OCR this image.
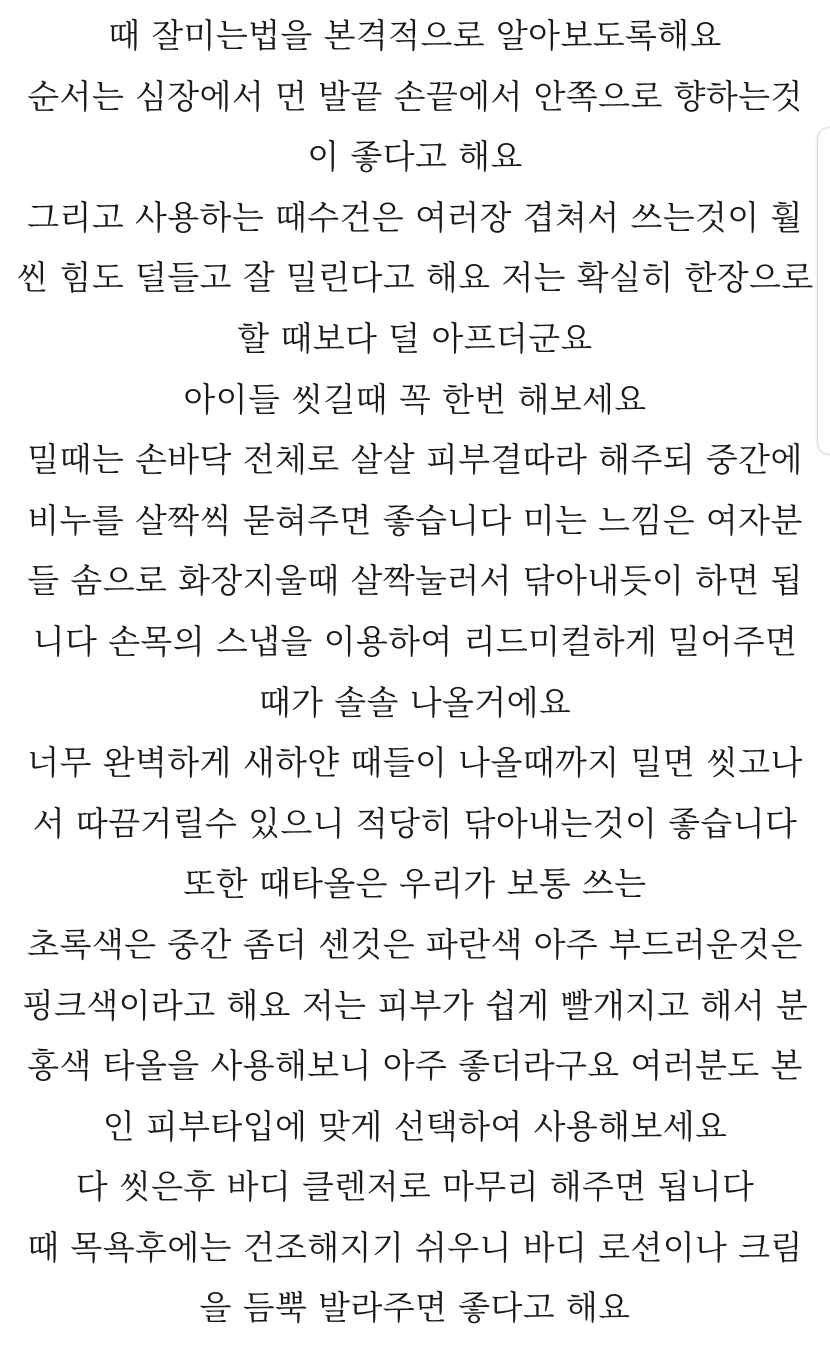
때 잘미는법을 본격적으로 알아보도록해요
순서는 심장에서 먼 발끝 손끝에서 안쪽으로 향하는것
이 좋다고 해요
그리고 사용하는 때수건은 여러장 겹쳐서 쓰는것이 훨
씬 힘도 덜들고 잘 밀린다고 해요 저는 확실히 한장으로
할 때보다 덜 아프더군요
아이들 씻길때 꼭 한번 해보세요
밀때는 손바닥 전체로 살살 피부결따라 해주되 중간에
비누를 살짝씩 묻혀주면 좋습니다 미는 느낌은 여자분
들 솜으로 화장지울때 살짝눌러서 닦아내듯이 하면 됩
니다 손목의 스냅을 이용하여 리드미컬하게 밀어주면
때가 솔솔 나올거에요
너무 완벽하게 새하얀 때들이 나올때까지 밀면 씻고나
서 따끔거릴수 있으니 적당히 닦아내는것이 좋습니다
또한 때타올은 우리가 보통 쓰는
초록색은 중간 좀더 센것은 파란색 아주 부드러운것은
핑크색이라고 해요 저는 피부가 쉽게 빨개지고 해서 분
홍색 타올을 사용해보니 아주 좋더라구요 여러분도 본
인 피부타입에 맞게 선택하여 사용해보세요
다 씻은후 바디 클렌저로 마무리 해주면 됩니다
때 목욕후에는 건조해지기 쉬우니 바디 로션이나 크림
을 듬뿍 발라주면 좋다고 해요
